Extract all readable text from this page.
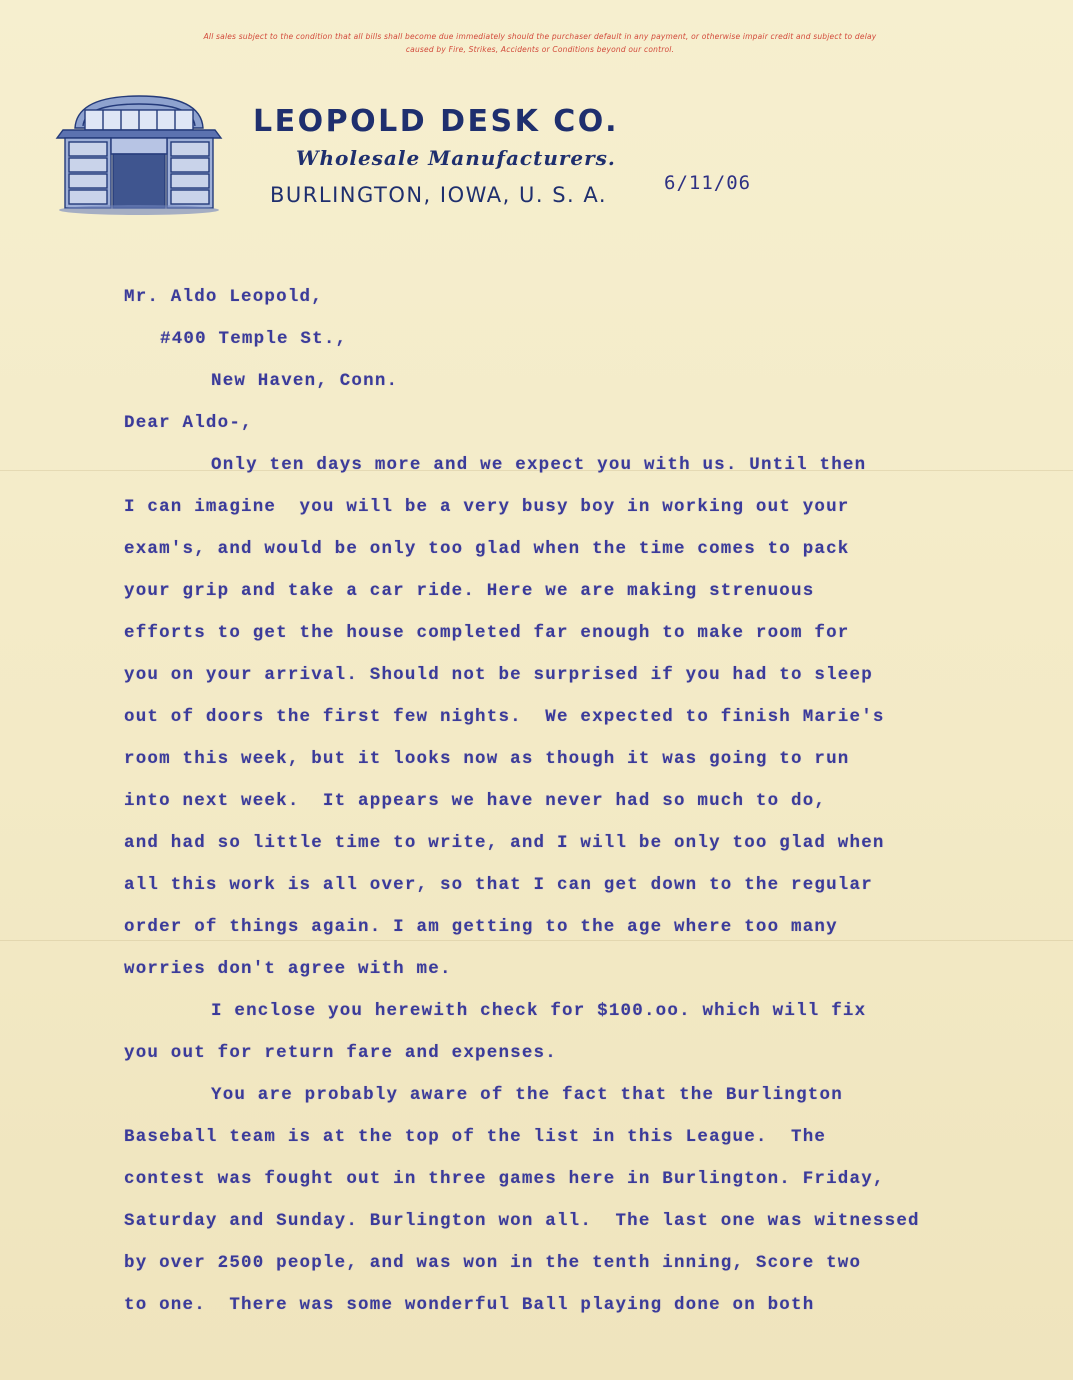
All sales subject to the condition that all bills shall become due immediately should the purchaser default in any payment, or otherwise impair credit and subject to delay
caused by Fire, Strikes, Accidents or Conditions beyond our control.
LEOPOLD DESK CO.
Wholesale Manufacturers.
BURLINGTON, IOWA, U. S. A.	6/11/06
Mr. Aldo Leopold,
#400 Temple St.,
New Haven, Conn.
Dear Aldo-,
Only ten days more and we expect you with us. Until then
I can imagine  you will be a very busy boy in working out your
exam's, and would be only too glad when the time comes to pack
your grip and take a car ride. Here we are making strenuous
efforts to get the house completed far enough to make room for
you on your arrival. Should not be surprised if you had to sleep
out of doors the first few nights.  We expected to finish Marie's
room this week, but it looks now as though it was going to run
into next week.  It appears we have never had so much to do,
and had so little time to write, and I will be only too glad when
all this work is all over, so that I can get down to the regular
order of things again. I am getting to the age where too many
worries don't agree with me.
I enclose you herewith check for $100.oo. which will fix
you out for return fare and expenses.
You are probably aware of the fact that the Burlington
Baseball team is at the top of the list in this League.  The
contest was fought out in three games here in Burlington. Friday,
Saturday and Sunday. Burlington won all.  The last one was witnessed
by over 2500 people, and was won in the tenth inning, Score two
to one.  There was some wonderful Ball playing done on both
